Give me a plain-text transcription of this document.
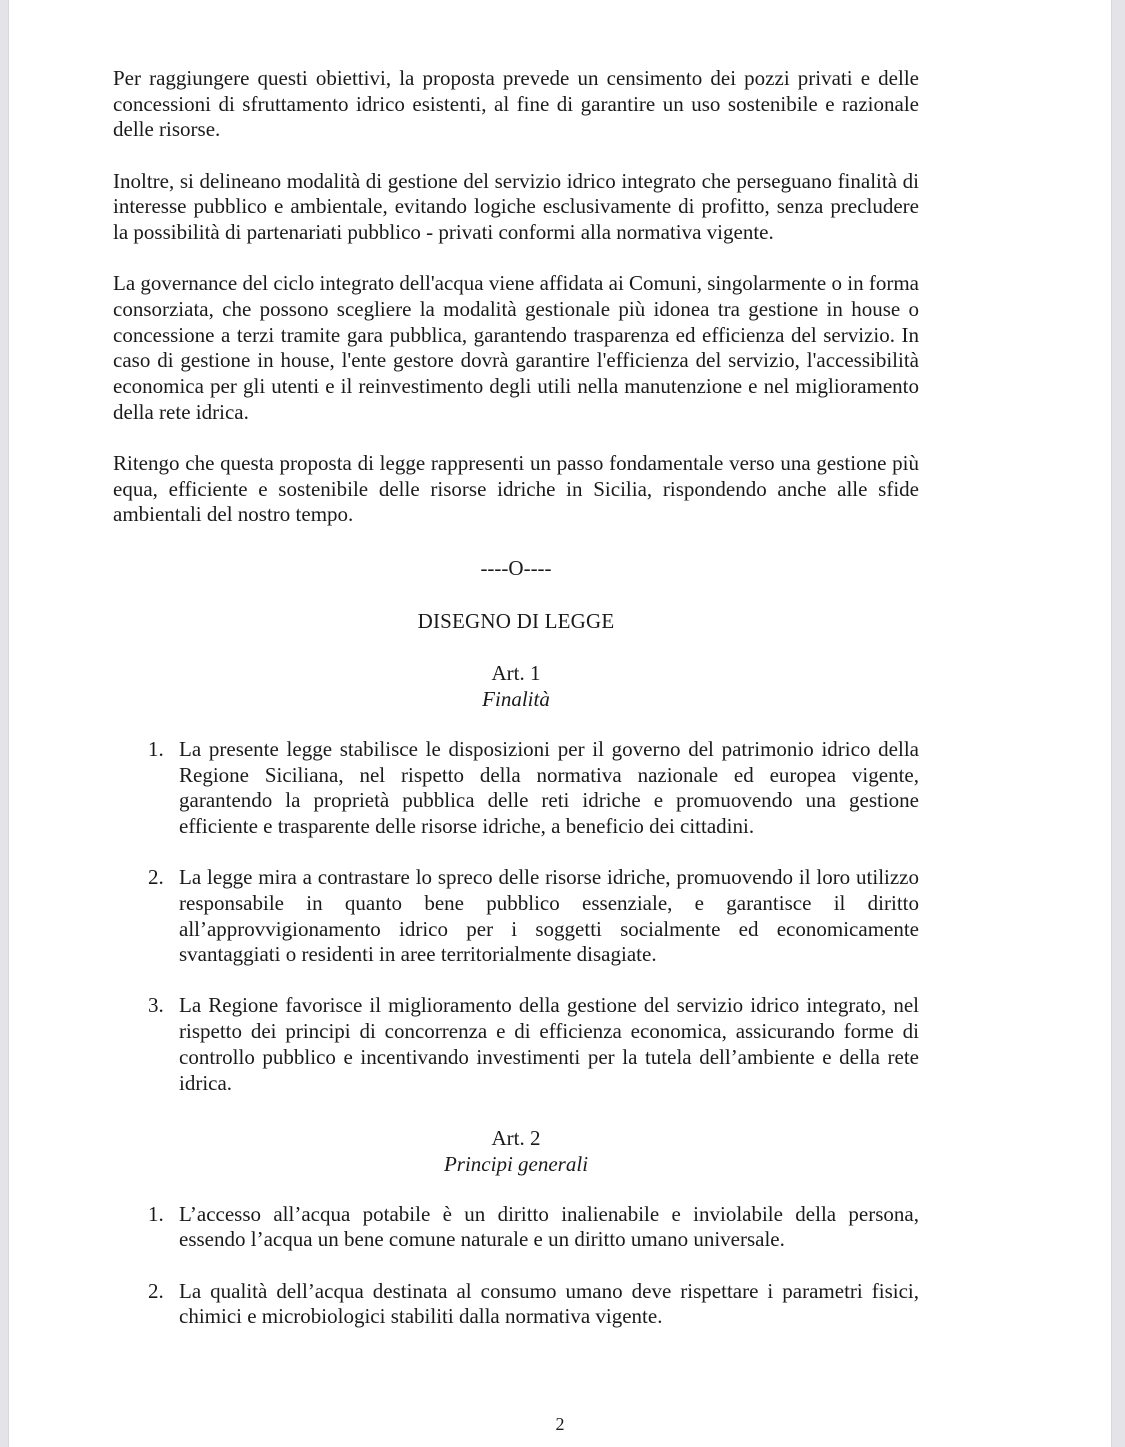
Per raggiungere questi obiettivi, la proposta prevede un censimento dei pozzi privati e delle concessioni di sfruttamento idrico esistenti, al fine di garantire un uso sostenibile e razionale delle risorse.

Inoltre, si delineano modalità di gestione del servizio idrico integrato che perseguano finalità di interesse pubblico e ambientale, evitando logiche esclusivamente di profitto, senza precludere la possibilità di partenariati pubblico - privati conformi alla normativa vigente.

La governance del ciclo integrato dell'acqua viene affidata ai Comuni, singolarmente o in forma consorziata, che possono scegliere la modalità gestionale più idonea tra gestione in house o concessione a terzi tramite gara pubblica, garantendo trasparenza ed efficienza del servizio. In caso di gestione in house, l'ente gestore dovrà garantire l'efficienza del servizio, l'accessibilità economica per gli utenti e il reinvestimento degli utili nella manutenzione e nel miglioramento della rete idrica.

Ritengo che questa proposta di legge rappresenti un passo fondamentale verso una gestione più equa, efficiente e sostenibile delle risorse idriche in Sicilia, rispondendo anche alle sfide ambientali del nostro tempo.

----O----
DISEGNO DI LEGGE
Art. 1
Finalità
1. La presente legge stabilisce le disposizioni per il governo del patrimonio idrico della Regione Siciliana, nel rispetto della normativa nazionale ed europea vigente, garantendo la proprietà pubblica delle reti idriche e promuovendo una gestione efficiente e trasparente delle risorse idriche, a beneficio dei cittadini.
2. La legge mira a contrastare lo spreco delle risorse idriche, promuovendo il loro utilizzo responsabile in quanto bene pubblico essenziale, e garantisce il diritto all’approvvigionamento idrico per i soggetti socialmente ed economicamente svantaggiati o residenti in aree territorialmente disagiate.
3. La Regione favorisce il miglioramento della gestione del servizio idrico integrato, nel rispetto dei principi di concorrenza e di efficienza economica, assicurando forme di controllo pubblico e incentivando investimenti per la tutela dell’ambiente e della rete idrica.
Art. 2
Principi generali
1. L’accesso all’acqua potabile è un diritto inalienabile e inviolabile della persona, essendo l’acqua un bene comune naturale e un diritto umano universale.
2. La qualità dell’acqua destinata al consumo umano deve rispettare i parametri fisici, chimici e microbiologici stabiliti dalla normativa vigente.
2
